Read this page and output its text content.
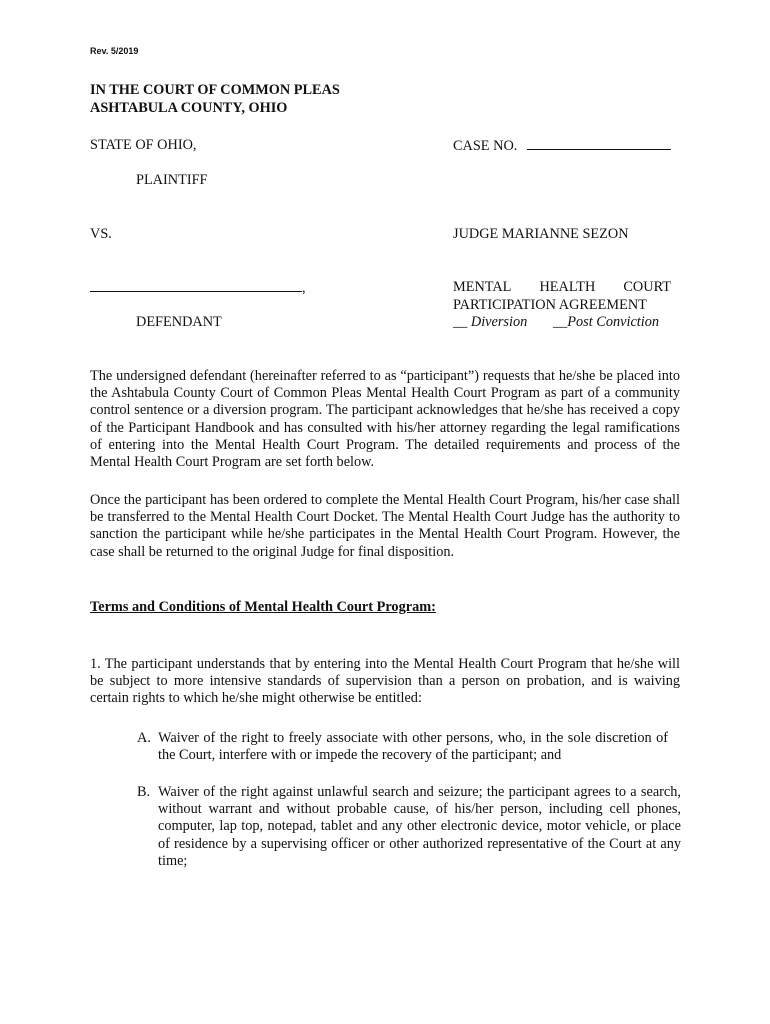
Rev. 5/2019
IN THE COURT OF COMMON PLEAS
ASHTABULA COUNTY, OHIO
STATE OF OHIO,	CASE NO.
PLAINTIFF
VS.	JUDGE MARIANNE SEZON
,	MENTAL HEALTH COURT
PARTICIPATION AGREEMENT
DEFENDANT	__ Diversion __Post Conviction
The undersigned defendant (hereinafter referred to as “participant”) requests that he/she be placed into the Ashtabula County Court of Common Pleas Mental Health Court Program as part of a community control sentence or a diversion program. The participant acknowledges that he/she has received a copy of the Participant Handbook and has consulted with his/her attorney regarding the legal ramifications of entering into the Mental Health Court Program. The detailed requirements and process of the Mental Health Court Program are set forth below.
Once the participant has been ordered to complete the Mental Health Court Program, his/her case shall be transferred to the Mental Health Court Docket. The Mental Health Court Judge has the authority to sanction the participant while he/she participates in the Mental Health Court Program. However, the case shall be returned to the original Judge for final disposition.
Terms and Conditions of Mental Health Court Program:
1. The participant understands that by entering into the Mental Health Court Program that he/she will be subject to more intensive standards of supervision than a person on probation, and is waiving certain rights to which he/she might otherwise be entitled:
A. Waiver of the right to freely associate with other persons, who, in the sole discretion of the Court, interfere with or impede the recovery of the participant; and
B. Waiver of the right against unlawful search and seizure; the participant agrees to a search, without warrant and without probable cause, of his/her person, including cell phones, computer, lap top, notepad, tablet and any other electronic device, motor vehicle, or place of residence by a supervising officer or other authorized representative of the Court at any time;
